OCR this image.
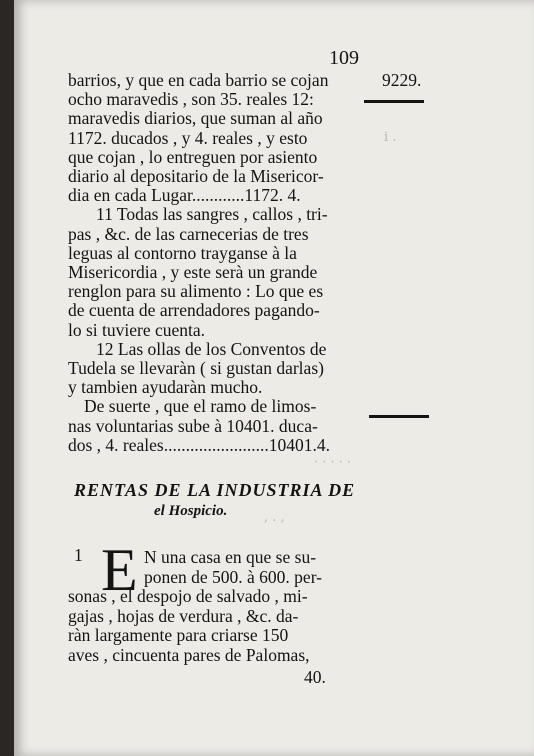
i .
· · · · ·
, . ,
109
barrios, y que en cada barrio se cojan	9229.
ocho maravedis , son 35. reales 12:
maravedis diarios, que suman al año
1172. ducados , y 4. reales , y esto
que cojan , lo entreguen por asiento
diario al depositario de la Misericor-
dia en cada Lugar............1172. 4.
11 Todas las sangres , callos , tri-
pas , &c. de las carnecerias de tres
leguas al contorno trayganse à la
Misericordia , y este serà un grande
renglon para su alimento : Lo que es
de cuenta de arrendadores pagando-
lo si tuviere cuenta.
12 Las ollas de los Conventos de
Tudela se llevaràn ( si gustan darlas)
y tambien ayudaràn mucho.
De suerte , que el ramo de limos-
nas voluntarias sube à 10401. duca-
dos , 4. reales........................10401.4.
RENTAS DE LA INDUSTRIA DE
el Hospicio.
1 E N una casa en que se su-
ponen de 500. à 600. per-
sonas , el despojo de salvado , mi-
gajas , hojas de verdura , &c. da-
ràn largamente para criarse 150
aves , cincuenta pares de Palomas,
40.
